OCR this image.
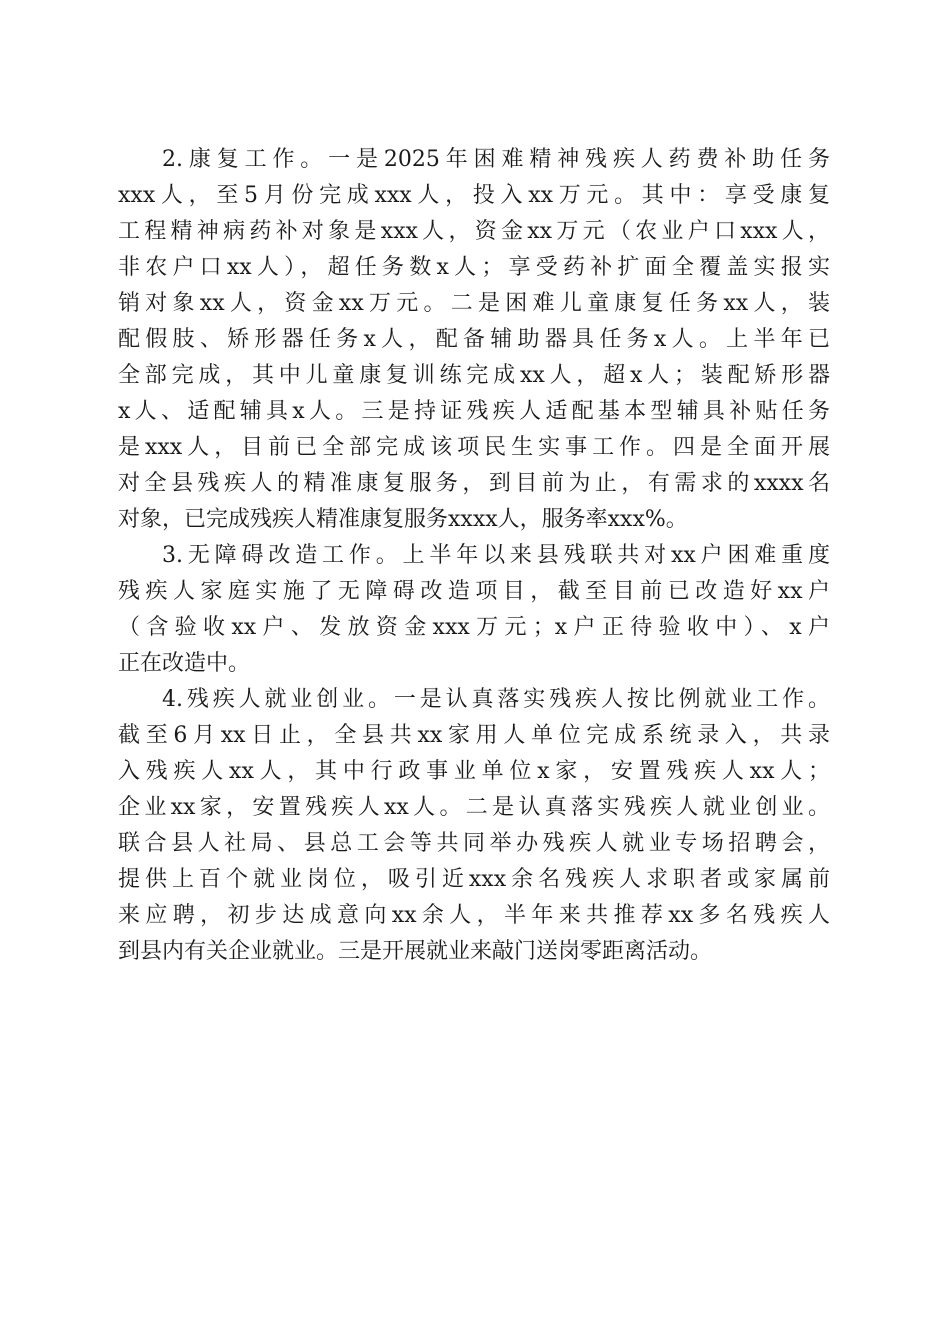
2.康复工作。一是2025年困难精神残疾人药费补助任务
xxx人，至5月份完成xxx人，投入xx万元。其中：享受康复
工程精神病药补对象是xxx人，资金xx万元（农业户口xxx人，
非农户口xx人），超任务数x人；享受药补扩面全覆盖实报实
销对象xx人，资金xx万元。二是困难儿童康复任务xx人，装
配假肢、矫形器任务x人，配备辅助器具任务x人。上半年已
全部完成，其中儿童康复训练完成xx人，超x人；装配矫形器
x人、适配辅具x人。三是持证残疾人适配基本型辅具补贴任务
是xxx人，目前已全部完成该项民生实事工作。四是全面开展
对全县残疾人的精准康复服务，到目前为止，有需求的xxxx名
对象，已完成残疾人精准康复服务xxxx人，服务率xxx%。
3.无障碍改造工作。上半年以来县残联共对xx户困难重度
残疾人家庭实施了无障碍改造项目，截至目前已改造好xx户
（含验收xx户、发放资金xxx万元；x户正待验收中）、x户
正在改造中。
4.残疾人就业创业。一是认真落实残疾人按比例就业工作。
截至6月xx日止，全县共xx家用人单位完成系统录入，共录
入残疾人xx人，其中行政事业单位x家，安置残疾人xx人；
企业xx家，安置残疾人xx人。二是认真落实残疾人就业创业。
联合县人社局、县总工会等共同举办残疾人就业专场招聘会，
提供上百个就业岗位，吸引近xxx余名残疾人求职者或家属前
来应聘，初步达成意向xx余人，半年来共推荐xx多名残疾人
到县内有关企业就业。三是开展就业来敲门送岗零距离活动。
